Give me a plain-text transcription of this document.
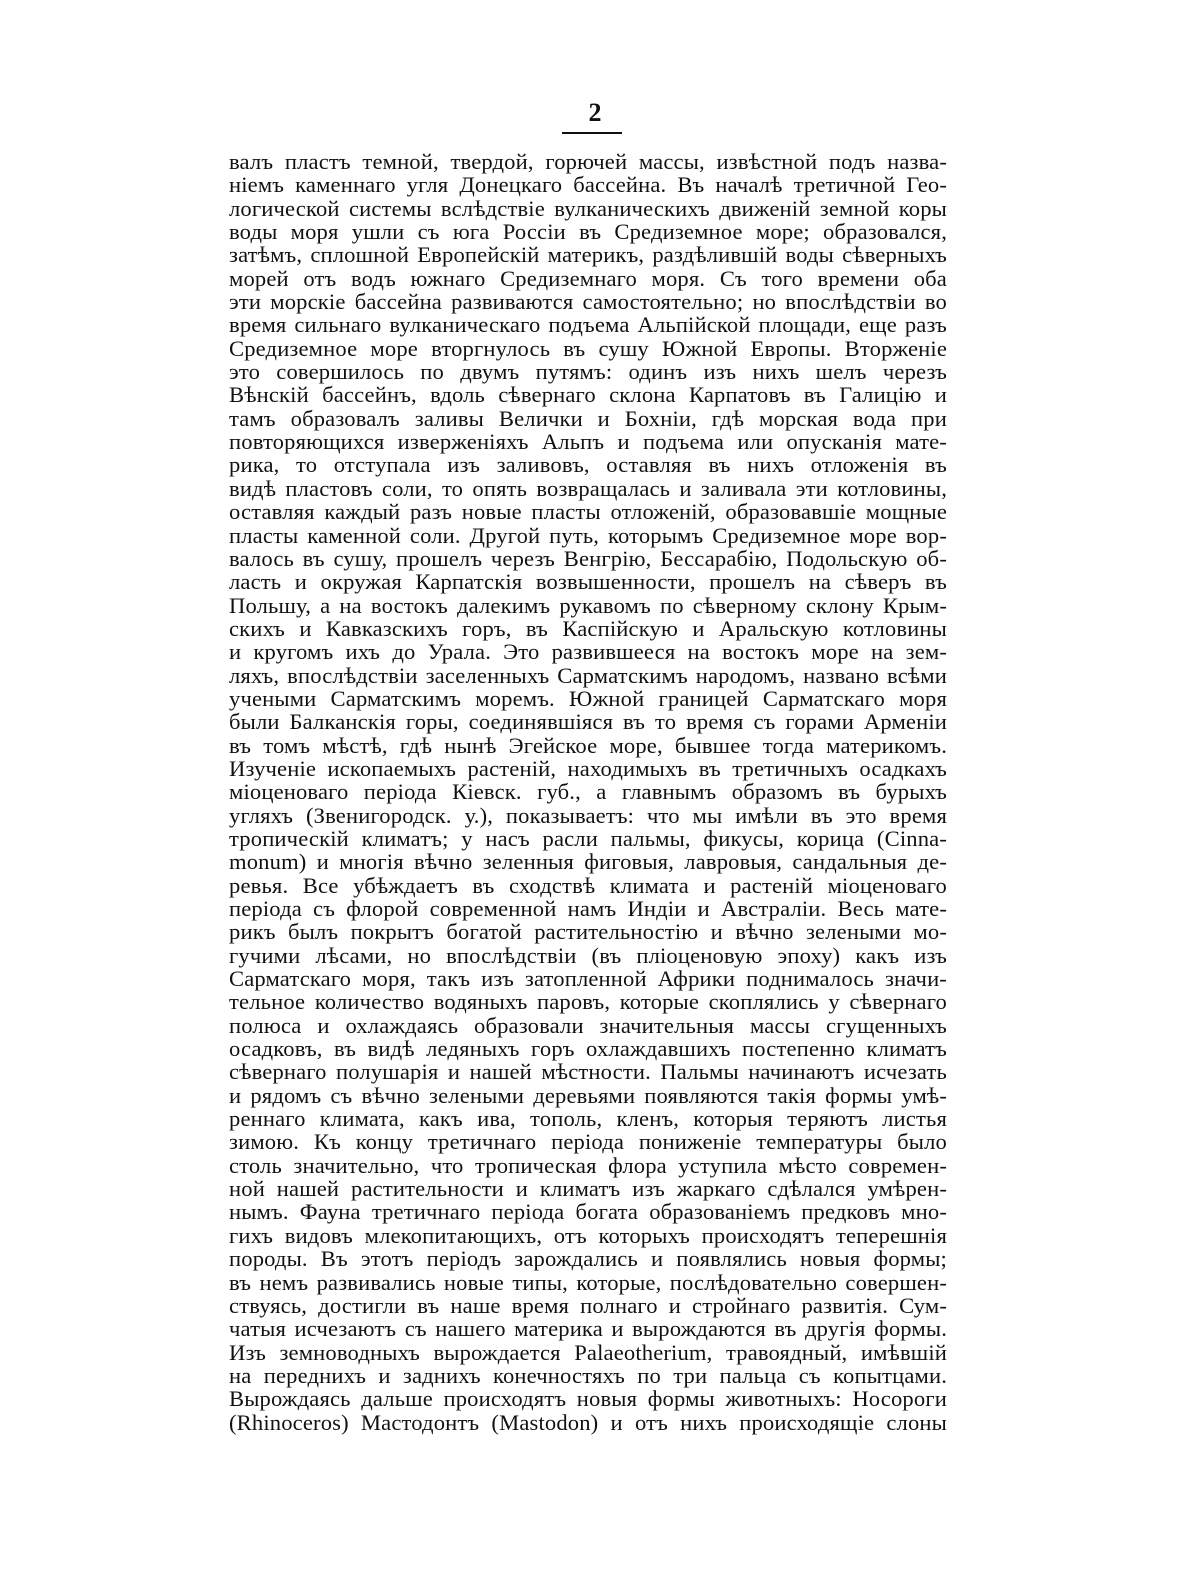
2
валъ пластъ темной, твердой, горючей массы, извѣстной подъ назва-
нiемъ каменнаго угля Донецкаго бассейна. Въ началѣ третичной Гео-
логической системы вслѣдствiе вулканическихъ движенiй земной коры
воды моря ушли съ юга Россiи въ Средиземное море; образовался,
затѣмъ, сплошной Европейскiй материкъ, раздѣлившiй воды сѣверныхъ
морей отъ водъ южнаго Средиземнаго моря. Съ того времени оба
эти морскiе бассейна развиваются самостоятельно; но впослѣдствiи во
время сильнаго вулканическаго подъема Альпiйской площади, еще разъ
Средиземное море вторгнулось въ сушу Южной Европы. Вторженiе
это совершилось по двумъ путямъ: одинъ изъ нихъ шелъ черезъ
Вѣнскiй бассейнъ, вдоль сѣвернаго склона Карпатовъ въ Галицiю и
тамъ образовалъ заливы Велички и Бохнiи, гдѣ морская вода при
повторяющихся изверженiяхъ Альпъ и подъема или опусканiя мате-
рика, то отступала изъ заливовъ, оставляя въ нихъ отложенiя въ
видѣ пластовъ соли, то опять возвращалась и заливала эти котловины,
оставляя каждый разъ новые пласты отложенiй, образовавшiе мощные
пласты каменной соли. Другой путь, которымъ Средиземное море вор-
валось въ сушу, прошелъ черезъ Венгрiю, Бессарабiю, Подольскую об-
ласть и окружая Карпатскiя возвышенности, прошелъ на сѣверъ въ
Польшу, а на востокъ далекимъ рукавомъ по сѣверному склону Крым-
скихъ и Кавказскихъ горъ, въ Каспiйскую и Аральскую котловины
и кругомъ ихъ до Урала. Это развившееся на востокъ море на зем-
ляхъ, впослѣдствiи заселенныхъ Сарматскимъ народомъ, названо всѣми
учеными Сарматскимъ моремъ. Южной границей Сарматскаго моря
были Балканскiя горы, соединявшiяся въ то время съ горами Арменiи
въ томъ мѣстѣ, гдѣ нынѣ Эгейское море, бывшее тогда материкомъ.
Изученiе ископаемыхъ растенiй, находимыхъ въ третичныхъ осадкахъ
мiоценоваго перiода Кiевск. губ., а главнымъ образомъ въ бурыхъ
угляхъ (Звенигородск. у.), показываетъ: что мы имѣли въ это время
тропическiй климатъ; у насъ расли пальмы, фикусы, корица (Cinna-
monum) и многiя вѣчно зеленныя фиговыя, лавровыя, сандальныя де-
ревья. Все убѣждаетъ въ сходствѣ климата и растенiй мiоценоваго
перiода съ флорой современной намъ Индiи и Австралiи. Весь мате-
рикъ былъ покрытъ богатой растительностiю и вѣчно зелеными мо-
гучими лѣсами, но впослѣдствiи (въ плiоценовую эпоху) какъ изъ
Сарматскаго моря, такъ изъ затопленной Африки поднималось значи-
тельное количество водяныхъ паровъ, которые скоплялись у сѣвернаго
полюса и охлаждаясь образовали значительныя массы сгущенныхъ
осадковъ, въ видѣ ледяныхъ горъ охлаждавшихъ постепенно климатъ
сѣвернаго полушарiя и нашей мѣстности. Пальмы начинаютъ исчезать
и рядомъ съ вѣчно зелеными деревьями появляются такiя формы умѣ-
реннаго климата, какъ ива, тополь, кленъ, которыя теряютъ листья
зимою. Къ концу третичнаго перiода пониженiе температуры было
столь значительно, что тропическая флора уступила мѣсто современ-
ной нашей растительности и климатъ изъ жаркаго сдѣлался умѣрен-
нымъ. Фауна третичнаго перiода богата образованiемъ предковъ мно-
гихъ видовъ млекопитающихъ, отъ которыхъ происходятъ теперешнiя
породы. Въ этотъ перiодъ зарождались и появлялись новыя формы;
въ немъ развивались новые типы, которые, послѣдовательно совершен-
ствуясь, достигли въ наше время полнаго и стройнаго развитiя. Сум-
чатыя исчезаютъ съ нашего материка и вырождаются въ другiя формы.
Изъ земноводныхъ вырождается Palaeotherium, травоядный, имѣвшiй
на переднихъ и заднихъ конечностяхъ по три пальца съ копытцами.
Вырождаясь дальше происходятъ новыя формы животныхъ: Носороги
(Rhinoceros) Мастодонтъ (Mastodon) и отъ нихъ происходящiе слоны
